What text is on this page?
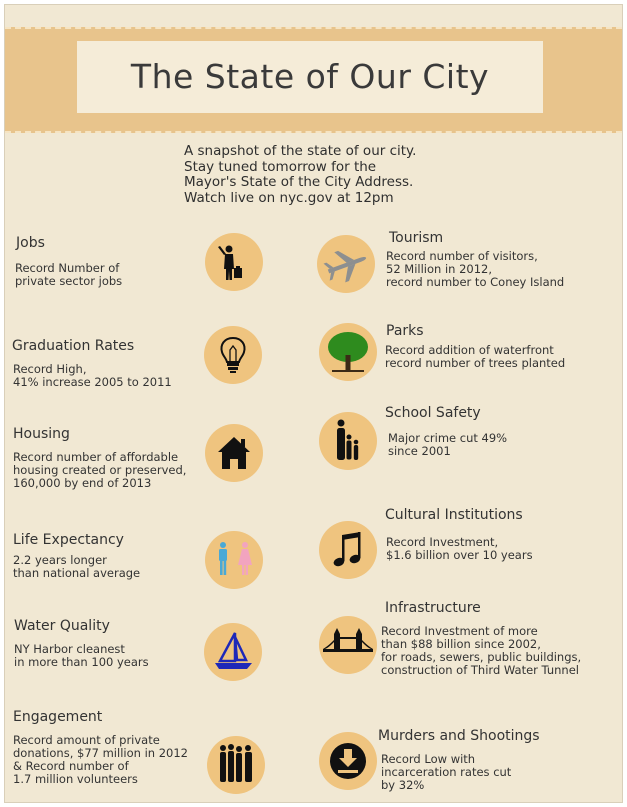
The State of Our City
A snapshot of the state of our city.
Stay tuned tomorrow for the
Mayor's State of the City Address.
Watch live on nyc.gov at 12pm
Jobs
Record Number of
private sector jobs
Graduation Rates
Record High,
41% increase 2005 to 2011
Housing
Record number of affordable
housing created or preserved,
160,000 by end of 2013
Life Expectancy
2.2 years longer
than national average
Water Quality
NY Harbor cleanest
in more than 100 years
Engagement
Record amount of private
donations, $77 million in 2012
& Record number of
1.7 million volunteers
Tourism
Record number of visitors,
52 Million in 2012,
record number to Coney Island
Parks
Record addition of waterfront
record number of trees planted
School Safety
Major crime cut 49%
since 2001
Cultural Institutions
Record Investment,
$1.6 billion over 10 years
Infrastructure
Record Investment of more
than $88 billion since 2002,
for roads, sewers, public buildings,
construction of Third Water Tunnel
Murders and Shootings
Record Low with
incarceration rates cut
by 32%
